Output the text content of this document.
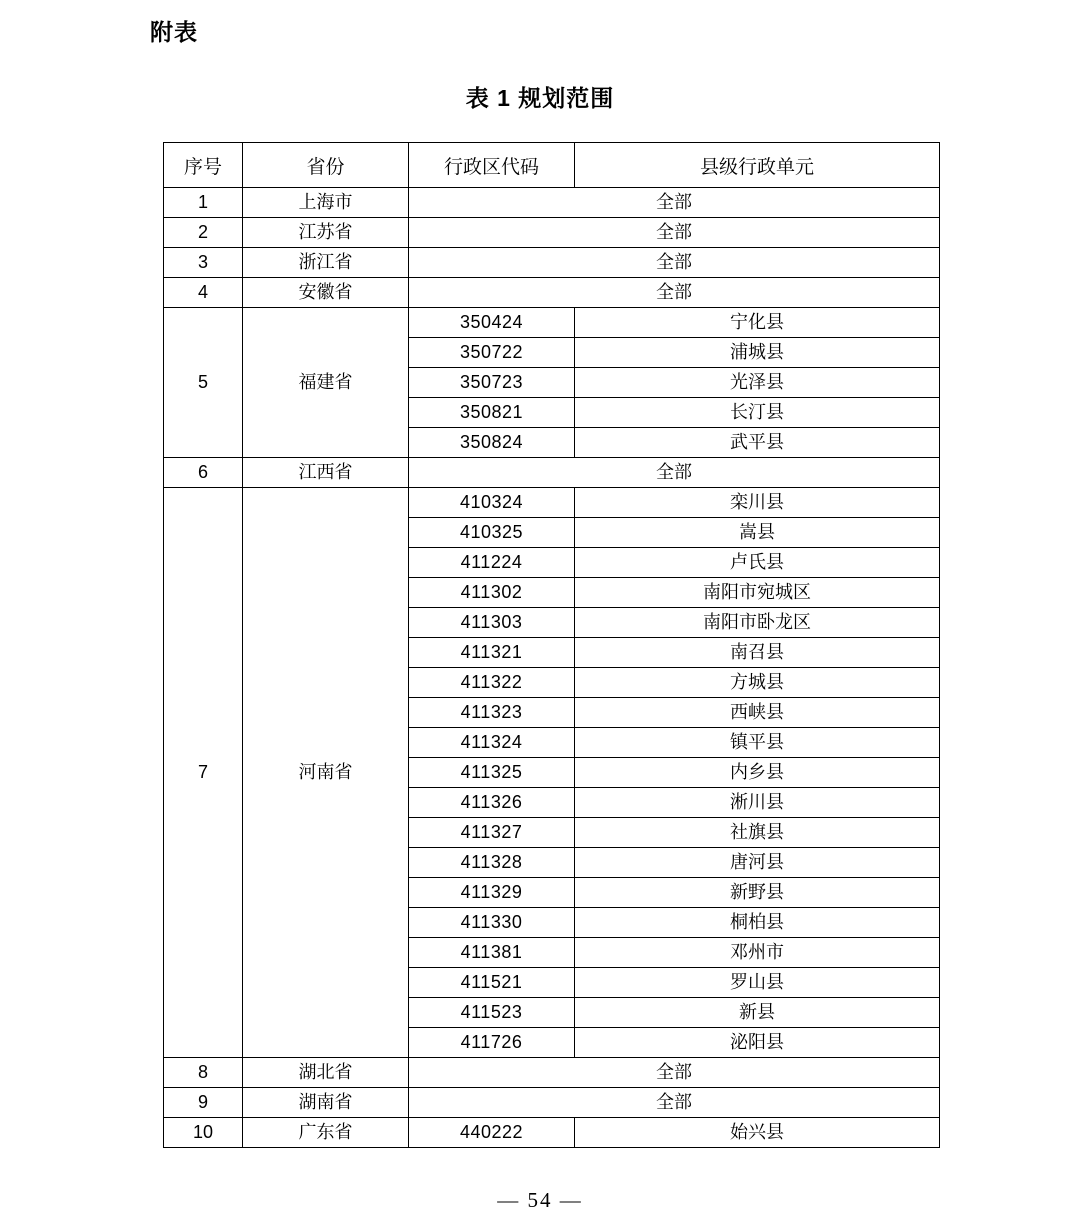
附表
表 1 规划范围
序号	省份	行政区代码	县级行政单元
1	上海市	全部	
2	江苏省	全部	
3	浙江省	全部	
4	安徽省	全部	
5	福建省	350424	宁化县
		350722	浦城县
		350723	光泽县
		350821	长汀县
		350824	武平县
6	江西省	全部	
7	河南省	410324	栾川县
		410325	嵩县
		411224	卢氏县
		411302	南阳市宛城区
		411303	南阳市卧龙区
		411321	南召县
		411322	方城县
		411323	西峡县
		411324	镇平县
		411325	内乡县
		411326	淅川县
		411327	社旗县
		411328	唐河县
		411329	新野县
		411330	桐柏县
		411381	邓州市
		411521	罗山县
		411523	新县
		411726	泌阳县
8	湖北省	全部	
9	湖南省	全部	
10	广东省	440222	始兴县
— 54 —
